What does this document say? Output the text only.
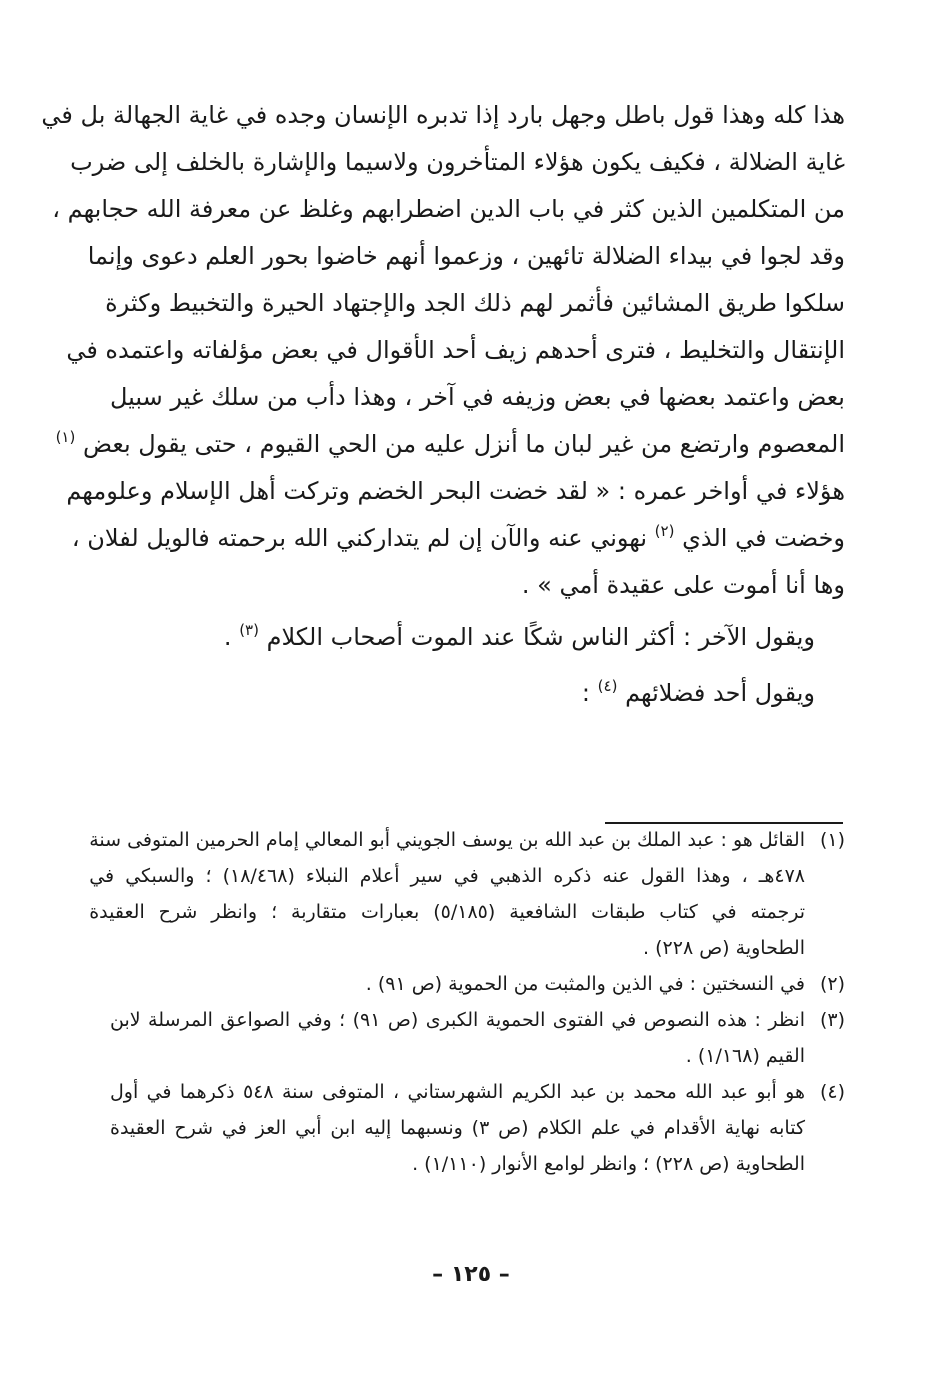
هذا كله وهذا قول باطل وجهل بارد إذا تدبره الإنسان وجده في غاية الجهالة بل في
غاية الضلالة ، فكيف يكون هؤلاء المتأخرون ولاسيما والإشارة بالخلف إلى ضرب
من المتكلمين الذين كثر في باب الدين اضطرابهم وغلظ عن معرفة الله حجابهم ،
وقد لجوا في بيداء الضلالة تائهين ، وزعموا أنهم خاضوا بحور العلم دعوى وإنما
سلكوا طريق المشائين فأثمر لهم ذلك الجد والإجتهاد الحيرة والتخبيط وكثرة
الإنتقال والتخليط ، فترى أحدهم زيف أحد الأقوال في بعض مؤلفاته واعتمده في
بعض واعتمد بعضها في بعض وزيفه في آخر ، وهذا دأب من سلك غير سبيل
المعصوم وارتضع من غير لبان ما أنزل عليه من الحي القيوم ، حتى يقول بعض $^{(١)}$
هؤلاء في أواخر عمره : « لقد خضت البحر الخضم وتركت أهل الإسلام وعلومهم
وخضت في الذي $^{(٢)}$ نهوني عنه والآن إن لم يتداركني الله برحمته فالويل لفلان ،
وها أنا أموت على عقيدة أمي » .
ويقول الآخر : أكثر الناس شكًا عند الموت أصحاب الكلام $^{(٣)}$ .
ويقول أحد فضلائهم $^{(٤)}$ :
(١)
القائل هو : عبد الملك بن عبد الله بن يوسف الجويني أبو المعالي إمام الحرمين المتوفى سنة
٤٧٨هـ ، وهذا القول عنه ذكره الذهبي في سير أعلام النبلاء (١٨/٤٦٨) ؛ والسبكي في
ترجمته في كتاب طبقات الشافعية (٥/١٨٥) بعبارات متقاربة ؛ وانظر شرح العقيدة
الطحاوية (ص ٢٢٨) .
(٢)
في النسختين : في الذين والمثبت من الحموية (ص ٩١) .
(٣)
انظر : هذه النصوص في الفتوى الحموية الكبرى (ص ٩١) ؛ وفي الصواعق المرسلة لابن
القيم (١/١٦٨) .
(٤)
هو أبو عبد الله محمد بن عبد الكريم الشهرستاني ، المتوفى سنة ٥٤٨ ذكرهما في أول
كتابه نهاية الأقدام في علم الكلام (ص ٣) ونسبهما إليه ابن أبي العز في شرح العقيدة
الطحاوية (ص ٢٢٨) ؛ وانظر لوامع الأنوار (١/١١٠) .
– ١٢٥ –
